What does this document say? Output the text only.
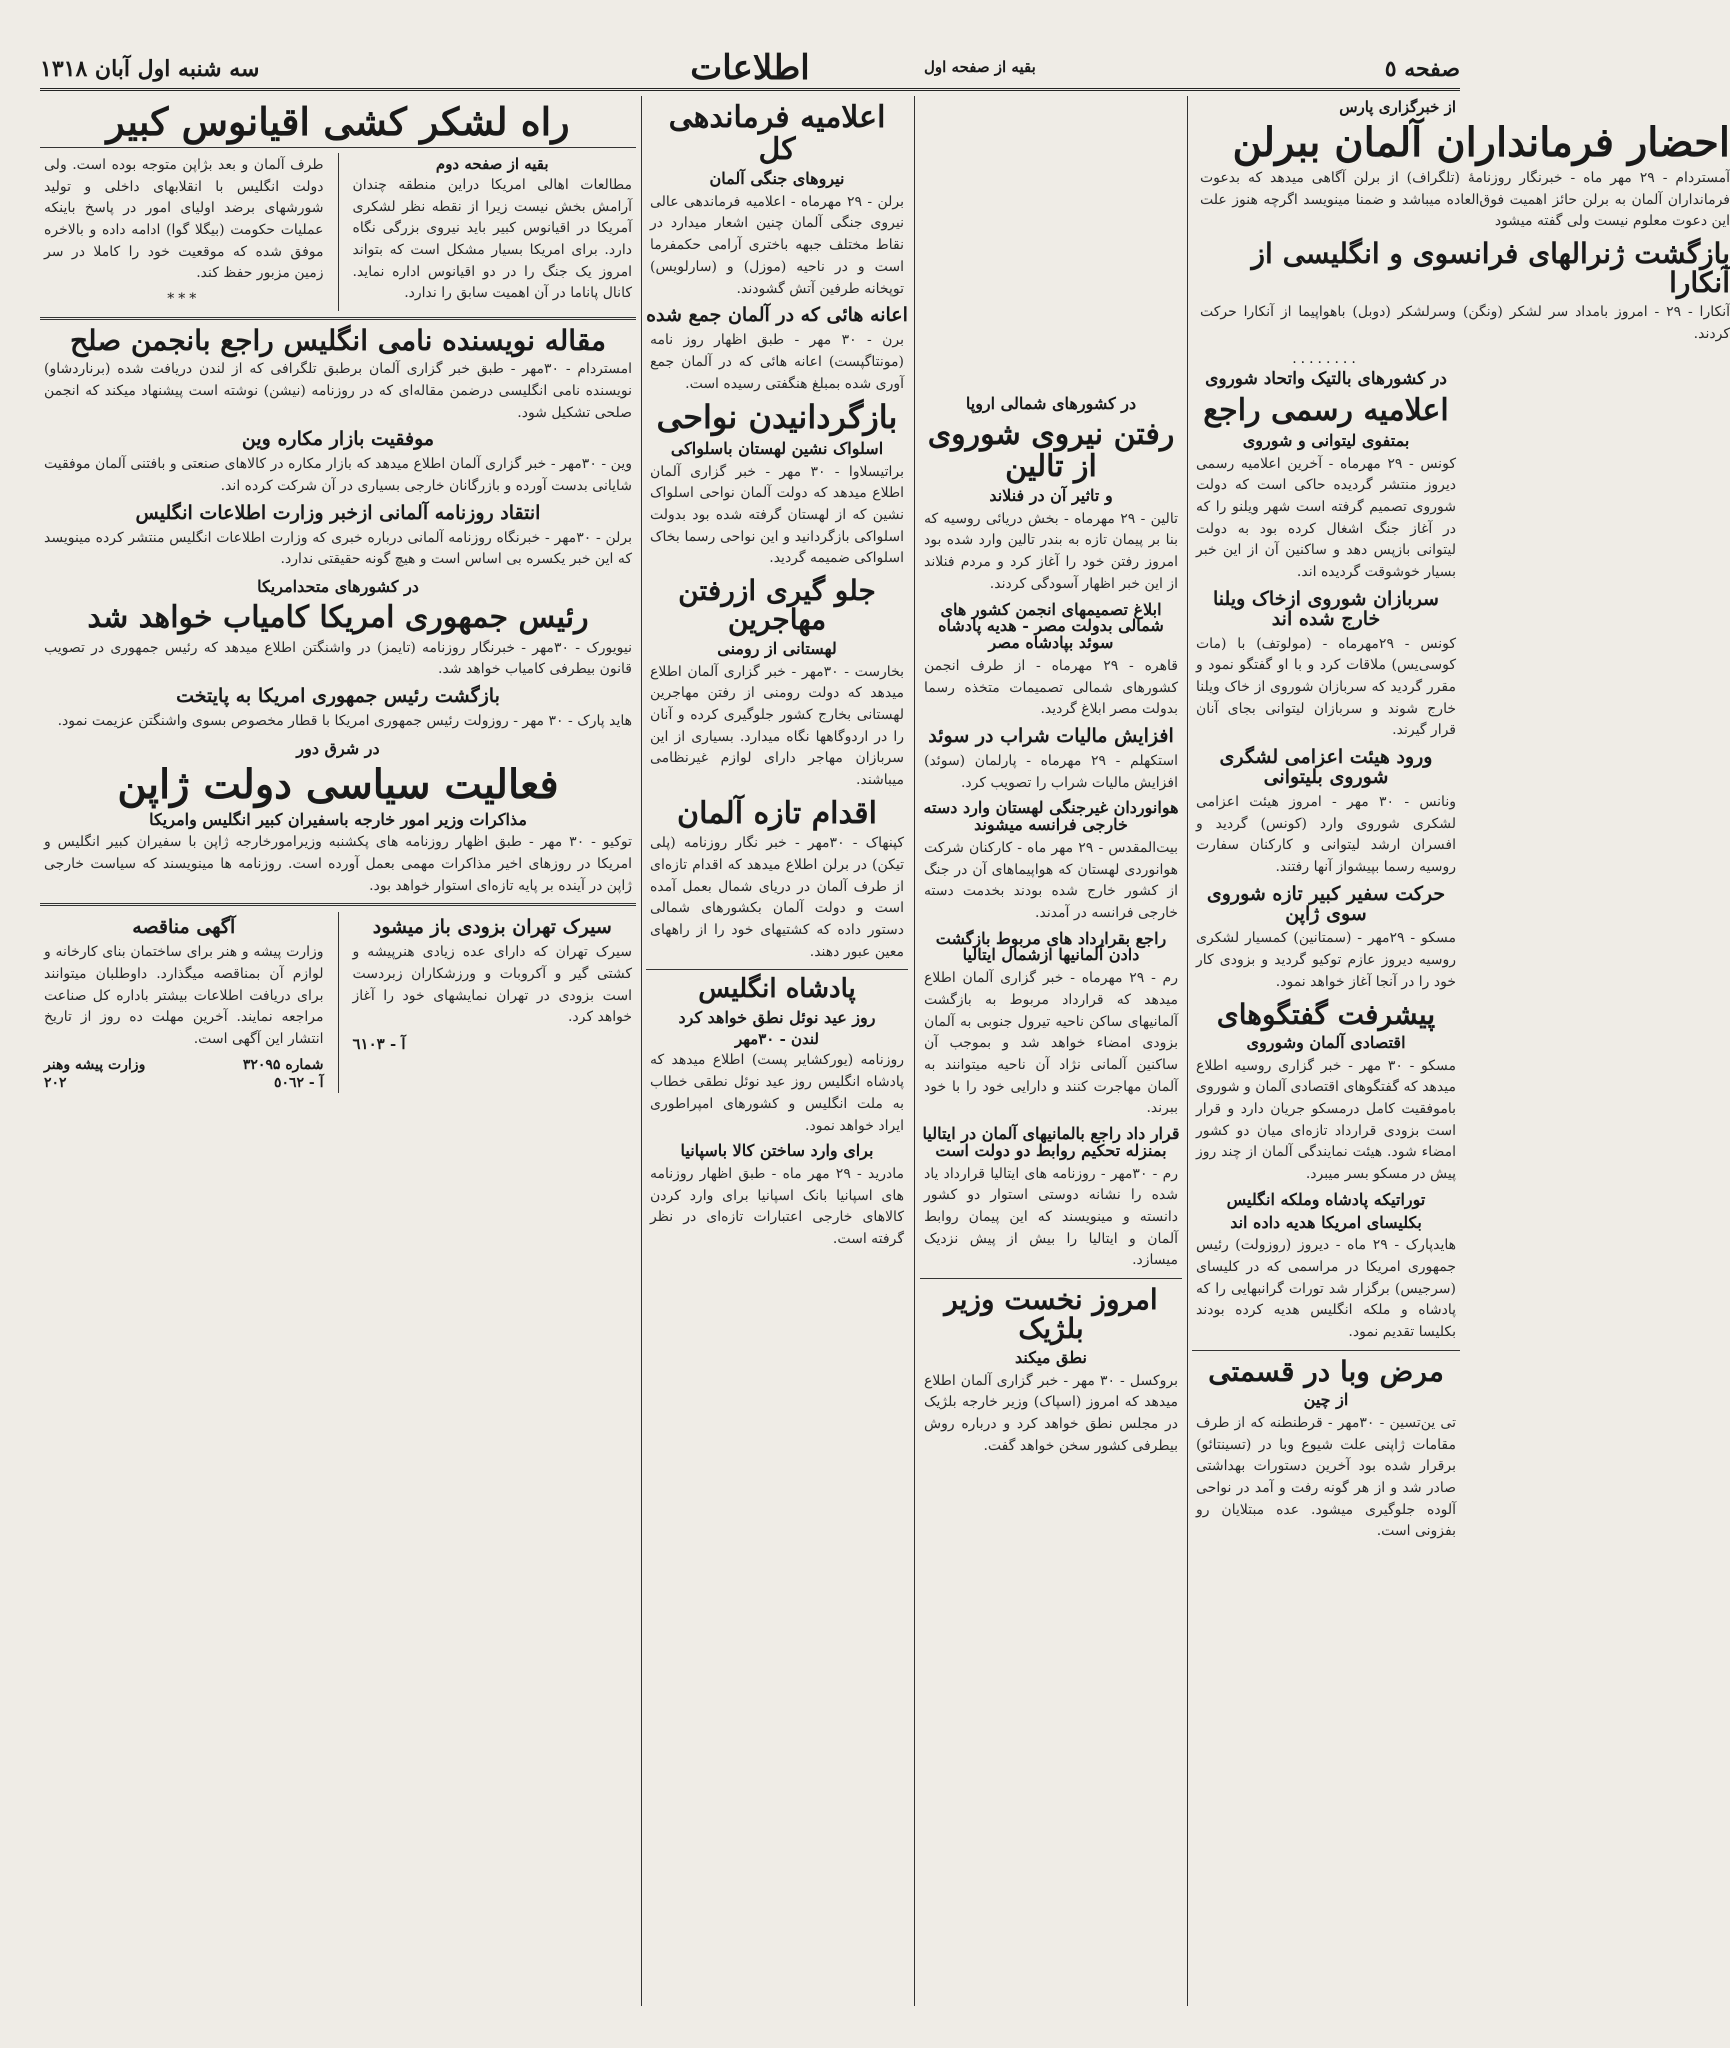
صفحه ٥
اطلاعات
سه شنبه اول آبان ۱۳۱۸
از خبرگزاری پارس
احضار فرمانداران آلمان ببرلن
آمستردام - ۲۹ مهر ماه - خبرنگار روزنامهٔ (تلگراف) از برلن آگاهی میدهد که بدعوت فرمانداران آلمان به برلن حائز اهمیت فوق‌العاده میباشد و ضمنا مینویسد اگرچه هنوز علت این دعوت معلوم نیست ولی گفته میشود
بازگشت ژنرالهای فرانسوی و انگلیسی از آنکارا
آنکارا - ۲۹ - امروز بامداد سر لشکر (ونگن) وسرلشکر (دوبل) باهواپیما از آنکارا حرکت کردند.
........
در کشورهای بالتیک واتحاد شوروی
اعلامیه رسمی راجع
بمتفوی لیتوانی و شوروی
کونس - ۲۹ مهرماه - آخرین اعلامیه رسمی دیروز منتشر گردیده حاکی است که دولت شوروی تصمیم گرفته است شهر ویلنو را که در آغاز جنگ اشغال کرده بود به دولت لیتوانی بازپس دهد و ساکنین آن از این خبر بسیار خوشوقت گردیده اند.
سربازان شوروی ازخاک ویلنا خارج شده اند
کونس - ۲۹مهرماه - (مولوتف) با (مات کوسی‌یس) ملاقات کرد و با او گفتگو نمود و مقرر گردید که سربازان شوروی از خاک ویلنا خارج شوند و سربازان لیتوانی بجای آنان قرار گیرند.
ورود هیئت اعزامی لشگری شوروی بلیتوانی
ونانس - ۳۰ مهر - امروز هیئت اعزامی لشکری شوروی وارد (کونس) گردید و افسران ارشد لیتوانی و کارکنان سفارت روسیه رسما بپیشواز آنها رفتند.
حرکت سفیر کبیر تازه شوروی سوی ژاپن
مسکو - ۲۹مهر - (سمتانین) کمسیار لشکری روسیه دیروز عازم توکیو گردید و بزودی کار خود را در آنجا آغاز خواهد نمود.
پیشرفت گفتگوهای
اقتصادی آلمان وشوروی
مسکو - ۳۰ مهر - خبر گزاری روسیه اطلاع میدهد که گفتگوهای اقتصادی آلمان و شوروی باموفقیت کامل درمسکو جریان دارد و قرار است بزودی قرارداد تازه‌ای میان دو کشور امضاء شود. هیئت نمایندگی آلمان از چند روز پیش در مسکو بسر میبرد.
توراتیکه پادشاه وملکه انگلیس
بکلیسای امریکا هدیه داده اند
هایدپارک - ۲۹ ماه - دیروز (روزولت) رئیس جمهوری امریکا در مراسمی که در کلیسای (سرجیس) برگزار شد تورات گرانبهایی را که پادشاه و ملکه انگلیس هدیه کرده بودند بکلیسا تقدیم نمود.
مرض وبا در قسمتی
از چین
تی ین‌تسین - ۳۰مهر - قرطنطنه که از طرف مقامات ژاپنی علت شیوع وبا در (تسینتائو) برقرار شده بود آخرین دستورات بهداشتی صادر شد و از هر گونه رفت و آمد در نواحی آلوده جلوگیری میشود. عده مبتلایان رو بفزونی است.
بقیه از صفحه اول
در کشورهای شمالی اروپا
رفتن نیروی شوروی از تالین
و تاثیر آن در فنلاند
تالین - ۲۹ مهرماه - بخش دریائی روسیه که بنا بر پیمان تازه به بندر تالین وارد شده بود امروز رفتن خود را آغاز کرد و مردم فنلاند از این خبر اظهار آسودگی کردند.
ابلاغ تصمیمهای انجمن کشور های شمالی بدولت مصر - هدیه پادشاه سوئد بپادشاه مصر
قاهره - ۲۹ مهرماه - از طرف انجمن کشورهای شمالی تصمیمات متخذه رسما بدولت مصر ابلاغ گردید.
افزایش مالیات شراب در سوئد
استکهلم - ۲۹ مهرماه - پارلمان (سوئد) افزایش مالیات شراب را تصویب کرد.
هوانوردان غیرجنگی لهستان وارد دسته خارجی فرانسه میشوند
بیت‌المقدس - ۲۹ مهر ماه - کارکنان شرکت هوانوردی لهستان که هواپیماهای آن در جنگ از کشور خارج شده بودند بخدمت دسته خارجی فرانسه در آمدند.
راجع بقرارداد های مربوط بازگشت دادن آلمانیها ازشمال ایتالیا
رم - ۲۹ مهرماه - خبر گزاری آلمان اطلاع میدهد که قرارداد مربوط به بازگشت آلمانیهای ساکن ناحیه تیرول جنوبی به آلمان بزودی امضاء خواهد شد و بموجب آن ساکنین آلمانی نژاد آن ناحیه میتوانند به آلمان مهاجرت کنند و دارایی خود را با خود ببرند.
قرار داد راجع بالمانیهای آلمان در ایتالیا بمنزله تحکیم روابط دو دولت است
رم - ۳۰مهر - روزنامه های ایتالیا قرارداد یاد شده را نشانه دوستی استوار دو کشور دانسته و مینویسند که این پیمان روابط آلمان و ایتالیا را بیش از پیش نزدیک میسازد.
امروز نخست وزیر بلژیک
نطق میکند
بروکسل - ۳۰ مهر - خبر گزاری آلمان اطلاع میدهد که امروز (اسپاک) وزیر خارجه بلژیک در مجلس نطق خواهد کرد و درباره روش بیطرفی کشور سخن خواهد گفت.
اعلامیه فرماندهی کل
نیروهای جنگی آلمان
برلن - ۲۹ مهرماه - اعلامیه فرماندهی عالی نیروی جنگی آلمان چنین اشعار میدارد در نقاط مختلف جبهه باختری آرامی حکمفرما است و در ناحیه (موزل) و (سارلویس) توپخانه طرفین آتش گشودند.
اعانه هائی که در آلمان جمع شده
برن - ۳۰ مهر - طبق اظهار روز نامه (مونتاگپست) اعانه هائی که در آلمان جمع آوری شده بمبلغ هنگفتی رسیده است.
بازگردانیدن نواحی
اسلواک نشین لهستان باسلواکی
براتیسلاوا - ۳۰ مهر - خبر گزاری آلمان اطلاع میدهد که دولت آلمان نواحی اسلواک نشین که از لهستان گرفته شده بود بدولت اسلواکی بازگردانید و این نواحی رسما بخاک اسلواکی ضمیمه گردید.
جلو گیری ازرفتن مهاجرین
لهستانی از رومنی
بخارست - ۳۰مهر - خبر گزاری آلمان اطلاع میدهد که دولت رومنی از رفتن مهاجرین لهستانی بخارج کشور جلوگیری کرده و آنان را در اردوگاهها نگاه میدارد. بسیاری از این سربازان مهاجر دارای لوازم غیرنظامی میباشند.
اقدام تازه آلمان
کپنهاک - ۳۰مهر - خبر نگار روزنامه (پلی تیکن) در برلن اطلاع میدهد که اقدام تازه‌ای از طرف آلمان در دریای شمال بعمل آمده است و دولت آلمان بکشورهای شمالی دستور داده که کشتیهای خود را از راههای معین عبور دهند.
پادشاه انگلیس
روز عید نوئل نطق خواهد کرد
لندن - ۳۰مهر
روزنامه (یورکشایر پست) اطلاع میدهد که پادشاه انگلیس روز عید نوئل نطقی خطاب به ملت انگلیس و کشورهای امپراطوری ایراد خواهد نمود.
برای وارد ساختن کالا باسپانیا
مادرید - ۲۹ مهر ماه - طبق اظهار روزنامه های اسپانیا بانک اسپانیا برای وارد کردن کالاهای خارجی اعتبارات تازه‌ای در نظر گرفته است.
راه لشکر کشی اقیانوس کبیر
بقیه از صفحه دوم
مطالعات اهالی امریکا دراین منطقه چندان آرامش بخش نیست زیرا از نقطه نظر لشکری آمریکا در اقیانوس کبیر باید نیروی بزرگی نگاه دارد. برای امریکا بسیار مشکل است که بتواند امروز یک جنگ را در دو اقیانوس اداره نماید. کانال پاناما در آن اهمیت سابق را ندارد.
طرف آلمان و بعد بژاپن متوجه بوده است. ولی دولت انگلیس با انقلابهای داخلی و تولید شورشهای برضد اولیای امور در پاسخ باینکه عملیات حکومت (بیگلا گوا) ادامه داده و بالاخره موفق شده که موقعیت خود را کاملا در سر زمین مزبور حفظ کند.
***
مقاله نویسنده نامی انگلیس راجع بانجمن صلح
امستردام - ۳۰مهر - طبق خبر گزاری آلمان برطبق تلگرافی که از لندن دریافت شده (برناردشاو) نویسنده نامی انگلیسی درضمن مقاله‌ای که در روزنامه (نیشن) نوشته است پیشنهاد میکند که انجمن صلحی تشکیل شود.
موفقیت بازار مکاره وین
وین - ۳۰مهر - خبر گزاری آلمان اطلاع میدهد که بازار مکاره در کالاهای صنعتی و بافتنی آلمان موفقیت شایانی بدست آورده و بازرگانان خارجی بسیاری در آن شرکت کرده اند.
انتقاد روزنامه آلمانی ازخبر وزارت اطلاعات انگلیس
برلن - ۳۰مهر - خبرنگاه روزنامه آلمانی درباره خبری که وزارت اطلاعات انگلیس منتشر کرده مینویسد که این خبر یکسره بی اساس است و هیچ گونه حقیقتی ندارد.
در کشورهای متحدامریکا
رئیس جمهوری امریکا کامیاب خواهد شد
نیویورک - ۳۰مهر - خبرنگار روزنامه (تایمز) در واشنگتن اطلاع میدهد که رئیس جمهوری در تصویب قانون بیطرفی کامیاب خواهد شد.
بازگشت رئیس جمهوری امریکا به پایتخت
هاید پارک - ۳۰ مهر - روزولت رئیس جمهوری امریکا با قطار مخصوص بسوی واشنگتن عزیمت نمود.
در شرق دور
فعالیت سیاسی دولت ژاپن
مذاکرات وزیر امور خارجه باسفیران کبیر انگلیس وامریکا
توکیو - ۳۰ مهر - طبق اظهار روزنامه های پکشنبه وزیرامورخارجه ژاپن با سفیران کبیر انگلیس و امریکا در روزهای اخیر مذاکرات مهمی بعمل آورده است. روزنامه ها مینویسند که سیاست خارجی ژاپن در آینده بر پایه تازه‌ای استوار خواهد بود.
سیرک تهران بزودی باز میشود
سیرک تهران که دارای عده زیادی هنرپیشه و کشتی گیر و آکروبات و ورزشکاران زبردست است بزودی در تهران نمایشهای خود را آغاز خواهد کرد.
آ - ٦١٠٣
آگهی مناقصه
وزارت پیشه و هنر برای ساختمان بنای کارخانه و لوازم آن بمناقصه میگذارد. داوطلبان میتوانند برای دریافت اطلاعات بیشتر باداره کل صناعت مراجعه نمایند. آخرین مهلت ده روز از تاریخ انتشار این آگهی است.
شماره ۳۲۰۹۵
وزارت پیشه وهنر
آ - ٥٠٦٢
۲٠٢
